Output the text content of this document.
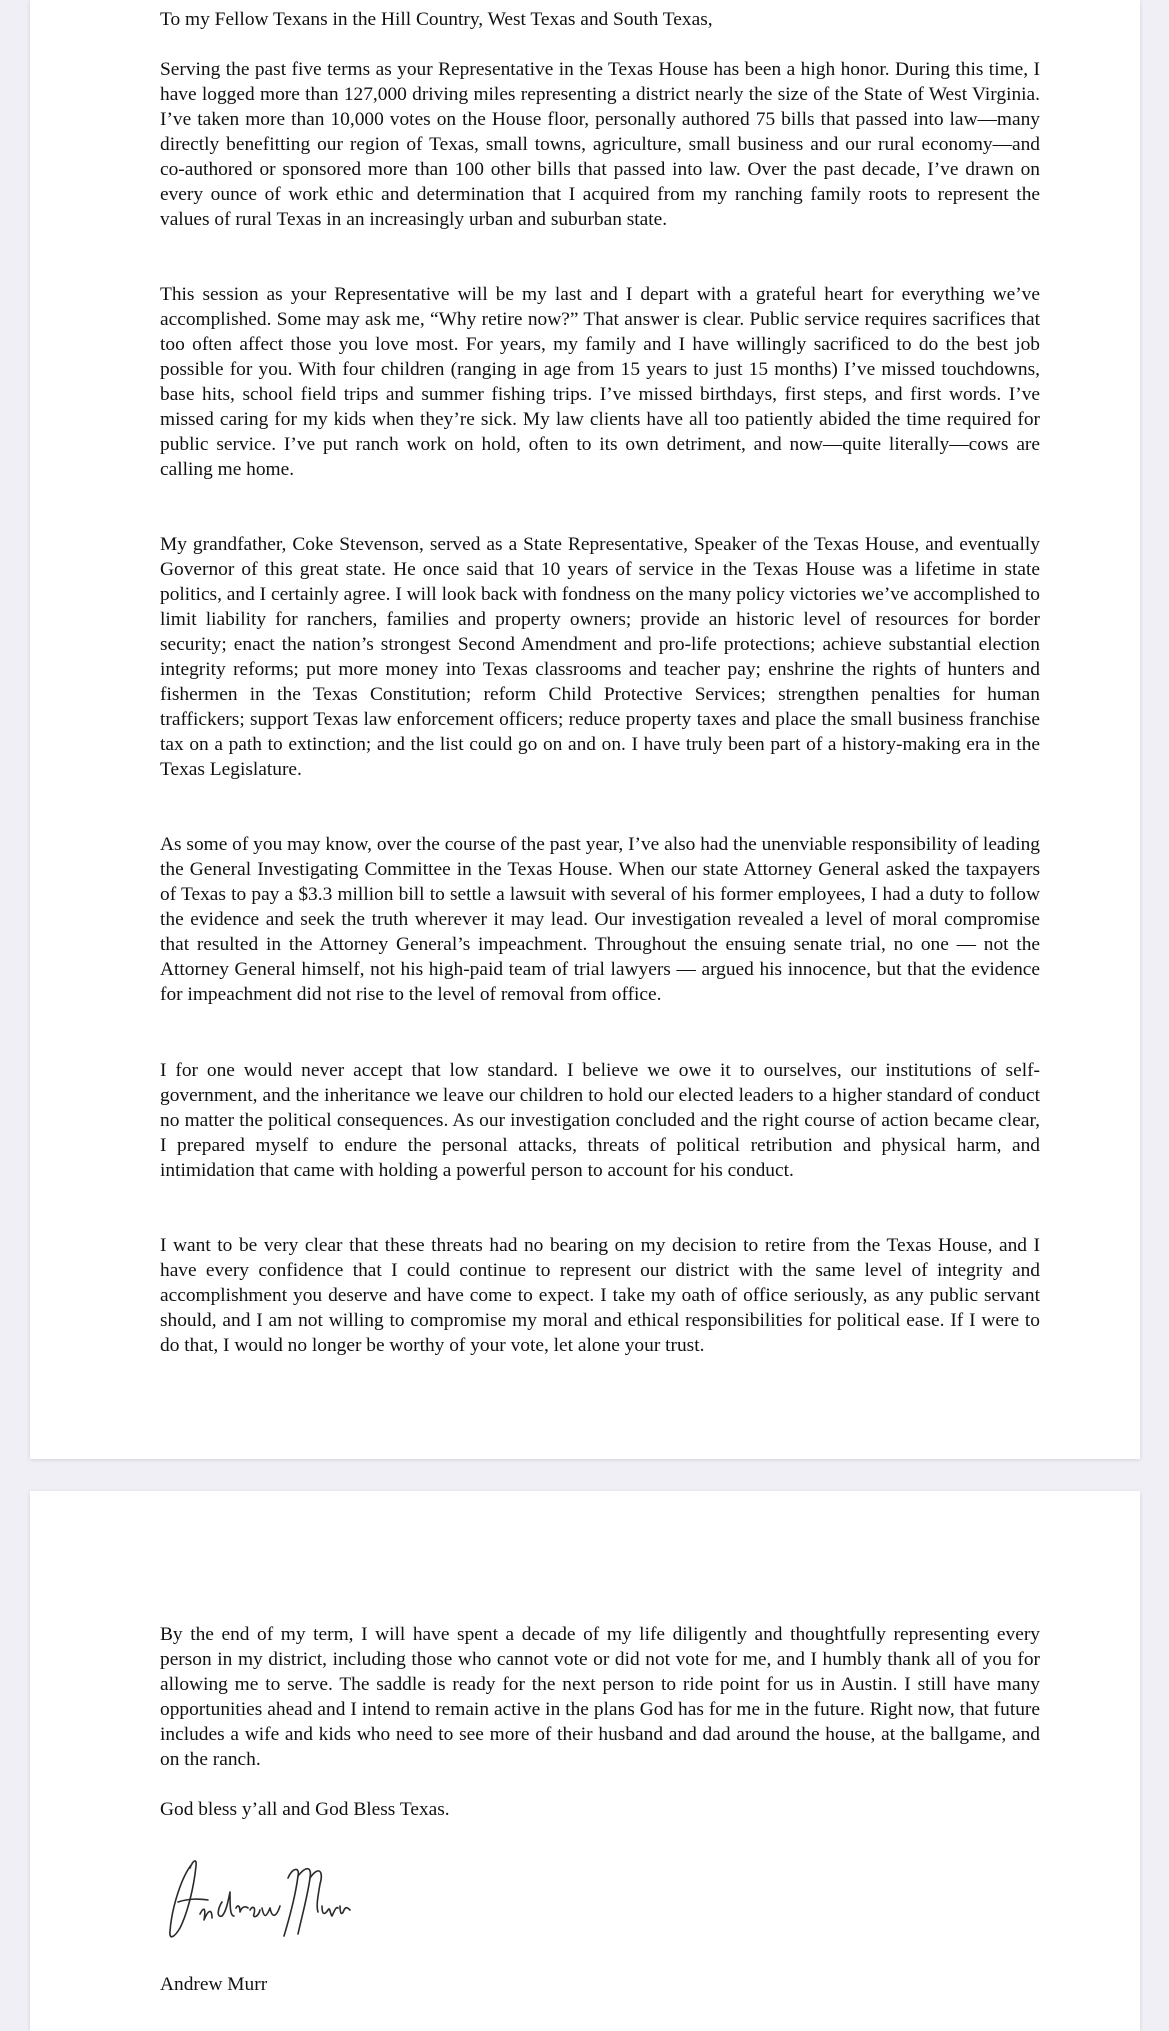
To my Fellow Texans in the Hill Country, West Texas and South Texas,

Serving the past five terms as your Representative in the Texas House has been a high honor. During this time, I have logged more than 127,000 driving miles representing a district nearly the size of the State of West Virginia. I’ve taken more than 10,000 votes on the House floor, personally authored 75 bills that passed into law—many directly benefitting our region of Texas, small towns, agriculture, small business and our rural economy—and co-authored or sponsored more than 100 other bills that passed into law. Over the past decade, I’ve drawn on every ounce of work ethic and determination that I acquired from my ranching family roots to represent the values of rural Texas in an increasingly urban and suburban state.

This session as your Representative will be my last and I depart with a grateful heart for everything we’ve accomplished. Some may ask me, “Why retire now?” That answer is clear. Public service requires sacrifices that too often affect those you love most. For years, my family and I have willingly sacrificed to do the best job possible for you. With four children (ranging in age from 15 years to just 15 months) I’ve missed touchdowns, base hits, school field trips and summer fishing trips. I’ve missed birthdays, first steps, and first words. I’ve missed caring for my kids when they’re sick. My law clients have all too patiently abided the time required for public service. I’ve put ranch work on hold, often to its own detriment, and now—quite literally—cows are calling me home.

My grandfather, Coke Stevenson, served as a State Representative, Speaker of the Texas House, and eventually Governor of this great state. He once said that 10 years of service in the Texas House was a lifetime in state politics, and I certainly agree. I will look back with fondness on the many policy victories we’ve accomplished to limit liability for ranchers, families and property owners; provide an historic level of resources for border security; enact the nation’s strongest Second Amendment and pro-life protections; achieve substantial election integrity reforms; put more money into Texas classrooms and teacher pay; enshrine the rights of hunters and fishermen in the Texas Constitution; reform Child Protective Services; strengthen penalties for human traffickers; support Texas law enforcement officers; reduce property taxes and place the small business franchise tax on a path to extinction; and the list could go on and on. I have truly been part of a history-making era in the Texas Legislature.

As some of you may know, over the course of the past year, I’ve also had the unenviable responsibility of leading the General Investigating Committee in the Texas House. When our state Attorney General asked the taxpayers of Texas to pay a $3.3 million bill to settle a lawsuit with several of his former employees, I had a duty to follow the evidence and seek the truth wherever it may lead. Our investigation revealed a level of moral compromise that resulted in the Attorney General’s impeachment. Throughout the ensuing senate trial, no one — not the Attorney General himself, not his high-paid team of trial lawyers — argued his innocence, but that the evidence for impeachment did not rise to the level of removal from office.

I for one would never accept that low standard. I believe we owe it to ourselves, our institutions of self-government, and the inheritance we leave our children to hold our elected leaders to a higher standard of conduct no matter the political consequences. As our investigation concluded and the right course of action became clear, I prepared myself to endure the personal attacks, threats of political retribution and physical harm, and intimidation that came with holding a powerful person to account for his conduct.

I want to be very clear that these threats had no bearing on my decision to retire from the Texas House, and I have every confidence that I could continue to represent our district with the same level of integrity and accomplishment you deserve and have come to expect. I take my oath of office seriously, as any public servant should, and I am not willing to compromise my moral and ethical responsibilities for political ease. If I were to do that, I would no longer be worthy of your vote, let alone your trust.

By the end of my term, I will have spent a decade of my life diligently and thoughtfully representing every person in my district, including those who cannot vote or did not vote for me, and I humbly thank all of you for allowing me to serve. The saddle is ready for the next person to ride point for us in Austin. I still have many opportunities ahead and I intend to remain active in the plans God has for me in the future. Right now, that future includes a wife and kids who need to see more of their husband and dad around the house, at the ballgame, and on the ranch.

God bless y’all and God Bless Texas.

Andrew Murr
